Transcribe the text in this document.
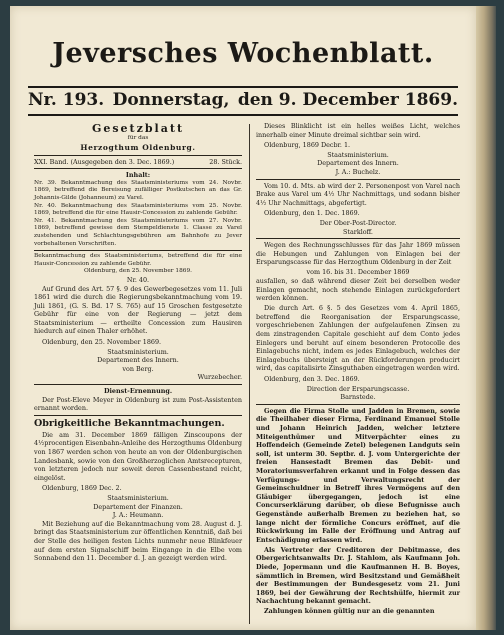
Jeversches Wochenblatt.
Nr. 193. Donnerstag, den 9. December 1869.
Gesetzblatt
für das
Herzogthum Oldenburg.
XXI. Band. (Ausgegeben den 3. Dec. 1869.)	28. Stück.
Inhalt:
Nr. 39. Bekanntmachung des Staatsministeriums vom 24. Novbr. 1869, betreffend die Bereisung zufälliger Postkutschen an das Gr. Johannis-Gilde (Johanneum) zu Varel.
Nr. 40. Bekanntmachung des Staatsministeriums vom 25. Novbr. 1869, betreffend die für eine Hausir-Concession zu zahlende Gebühr.
Nr. 41. Bekanntmachung des Staatsministeriums vom 27. Novbr. 1869, betreffend gewisse dem Stempeldienste 1. Classe zu Varel zustehenden und Schlachtungsgebühren am Bahnhofe zu Jever vorbehaltenen Vorschriften.
Bekanntmachung des Staatsministeriums, betreffend die für eine Hausir-Concession zu zahlende Gebühr.
Oldenburg, den 25. November 1869.
Nr. 40.

Auf Grund des Art. 57 §. 9 des Gewerbegesetzes vom 11. Juli 1861 wird die durch die Regierungsbekanntmachung vom 19. Juli 1861, (G. S. Bd. 17 S. 765) auf 15 Groschen festgesetzte Gebühr für eine von der Regierung — jetzt dem Staatsministerium — ertheilte Concession zum Hausiren hiedurch auf einen Thaler erhöhet.

Oldenburg, den 25. November 1869.

Staatsministerium.
Departement des Innern.
von Berg.
Wurzebecher.
Dienst-Ernennung.

Der Post-Eleve Meyer in Oldenburg ist zum Post-Assistenten ernannt worden.

Obrigkeitliche Bekanntmachungen.

Die am 31. December 1869 fälligen Zinscoupons der 4½procentigen Eisenbahn-Anleihe des Herzogthums Oldenburg von 1867 werden schon von heute an von der Oldenburgischen Landesbank, sowie von den Großherzoglichen Amtsrecepturen, von letzteren jedoch nur soweit deren Cassenbestand reicht, eingelöst.

Oldenburg, 1869 Dec. 2.

Staatsministerium.
Departement der Finanzen.
J. A.: Heumann.

Mit Beziehung auf die Bekanntmachung vom 28. August d. J. bringt das Staatsministerium zur öffentlichen Kenntniß, daß bei der Stelle des heiligen festen Lichts nunmehr neue Blinkfeuer auf dem ersten Signalschiff beim Eingange in die Elbe vom Sonnabend den 11. December d. J. an gezeigt werden wird.

Dieses Blinklicht ist ein helles weißes Licht, welches innerhalb einer Minute dreimal sichtbar sein wird.

Oldenburg, 1869 Decbr. 1.

Staatsministerium.
Departement des Innern.
J. A.: Buchelz.

Vom 10. d. Mts. ab wird der 2. Personenpost von Varel nach Brake aus Varel um 4½ Uhr Nachmittags, und sodann bisher 4½ Uhr Nachmittags, abgefertigt.

Oldenburg, den 1. Dec. 1869.

Der Ober-Post-Director.
Starkloff.

Wegen des Rechnungsschlusses für das Jahr 1869 müssen die Hebungen und Zahlungen von Einlagen bei der Ersparungscasse für das Herzogthum Oldenburg in der Zeit

vom 16. bis 31. December 1869

ausfallen, so daß während dieser Zeit bei derselben weder Einlagen gemacht, noch stehende Einlagen zurückgefordert werden können.

Die durch Art. 6 §. 5 des Gesetzes vom 4. April 1865, betreffend die Reorganisation der Ersparungscasse, vorgeschriebenen Zahlungen der aufgelaufenen Zinsen zu dem zinstragenden Capitale geschieht auf dem Conto jedes Einlegers und beruht auf einem besonderen Protocolle des Einlagebuchs nicht, indem es jedes Einlagebuch, welches der Einlagebuchs übersteigt an der Rückforderungen producirt wird, das capitalisirte Zinsguthaben eingetragen werden wird.

Oldenburg, den 3. Dec. 1869.

Direction der Ersparungscasse.
Barnstede.

Gegen die Firma Stolle und Jadden in Bremen, sowie die Theilhaber dieser Firma, Ferdinand Emanuel Stolle und Johann Heinrich Jadden, welcher letztere Miteigenthümer und Mitverpächter eines zu Hoffendeich (Gemeinde Zetel) belegenen Landguts sein soll, ist unterm 30. Septbr. d. J. vom Untergerichte der freien Hansestadt Bremen das Debit- und Moratoriumsverfahren erkannt und in Folge dessen das Verfügungs- und Verwaltungsrecht der Gemeinschuldner in Betreff ihres Vermögens auf den Gläubiger übergegangen, jedoch ist eine Concurserklärung darüber, ob diese Befugnisse auch Gegenstände außerhalb Bremen zu beziehen hat, so lange nicht der förmliche Concurs eröffnet, auf die Rückwirkung im Falle der Eröffnung und Antrag auf Entschädigung erlassen wird.

Als Vertreter der Creditoren der Debitmasse, des Obergerichtsanwalts Dr. J. Stahlom, als Kaufmann Joh. Diede, Jopermann und die Kaufmannen H. B. Boyes, sämmtlich in Bremen, wird Besitzstand und Gemäßheit der Bestimmungen der Bundesgesetz vom 21. Juni 1869, bei der Gewährung der Rechtshülfe, hiermit zur Nachachtung bekannt gemacht.

Zahlungen können gültig nur an die genannten
